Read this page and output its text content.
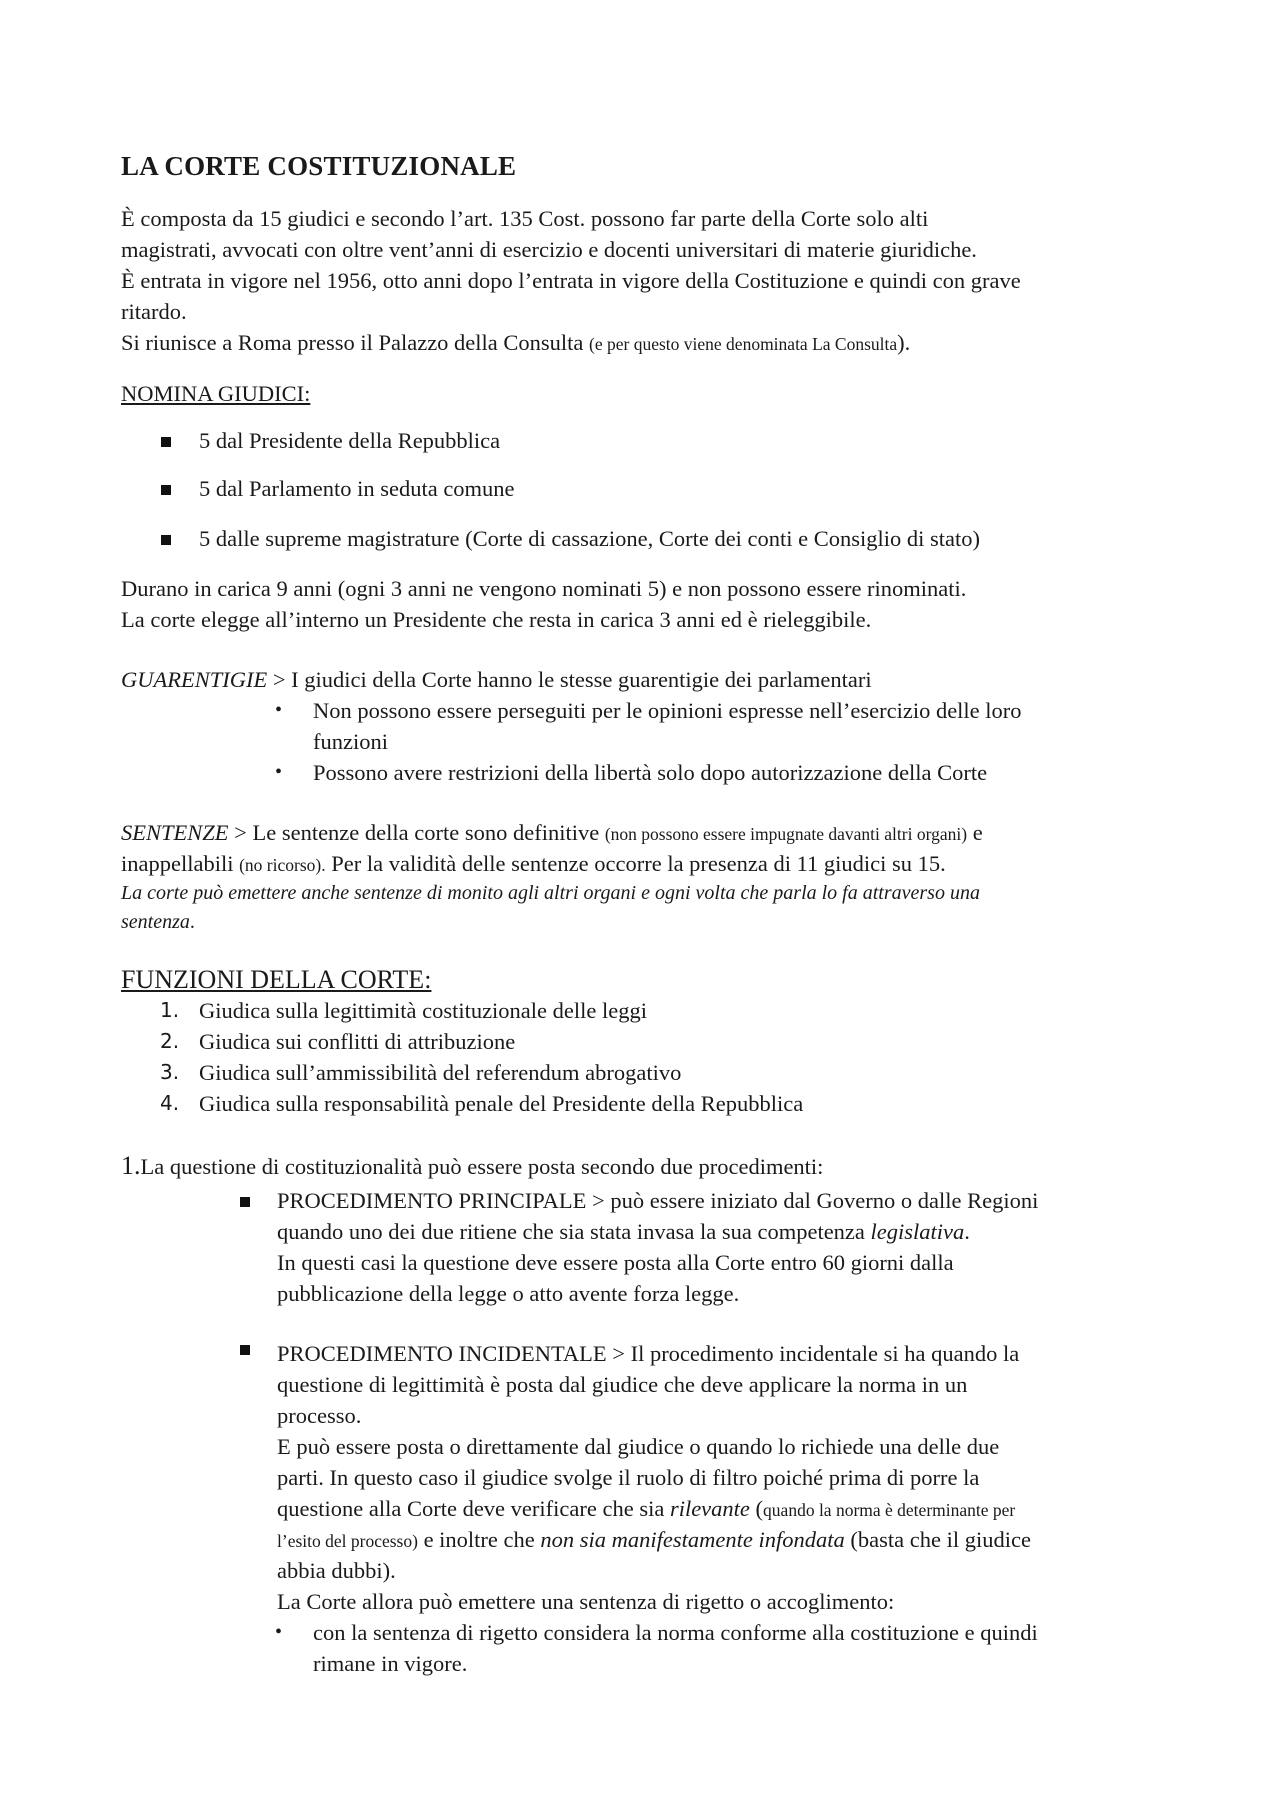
LA CORTE COSTITUZIONALE
È composta da 15 giudici e secondo l’art. 135 Cost. possono far parte della Corte solo alti
magistrati, avvocati con oltre vent’anni di esercizio e docenti universitari di materie giuridiche.
È entrata in vigore nel 1956, otto anni dopo l’entrata in vigore della Costituzione e quindi con grave
ritardo.
Si riunisce a Roma presso il Palazzo della Consulta (e per questo viene denominata La Consulta).
NOMINA GIUDICI:
5 dal Presidente della Repubblica
5 dal Parlamento in seduta comune
5 dalle supreme magistrature (Corte di cassazione, Corte dei conti e Consiglio di stato)
Durano in carica 9 anni (ogni 3 anni ne vengono nominati 5) e non possono essere rinominati.
La corte elegge all’interno un Presidente che resta in carica 3 anni ed è rieleggibile.
GUARENTIGIE > I giudici della Corte hanno le stesse guarentigie dei parlamentari
• Non possono essere perseguiti per le opinioni espresse nell’esercizio delle loro
funzioni
• Possono avere restrizioni della libertà solo dopo autorizzazione della Corte
SENTENZE > Le sentenze della corte sono definitive (non possono essere impugnate davanti altri organi) e
inappellabili (no ricorso). Per la validità delle sentenze occorre la presenza di 11 giudici su 15.
La corte può emettere anche sentenze di monito agli altri organi e ogni volta che parla lo fa attraverso una
sentenza.
FUNZIONI DELLA CORTE:
1. Giudica sulla legittimità costituzionale delle leggi
2. Giudica sui conflitti di attribuzione
3. Giudica sull’ammissibilità del referendum abrogativo
4. Giudica sulla responsabilità penale del Presidente della Repubblica
1.La questione di costituzionalità può essere posta secondo due procedimenti:
PROCEDIMENTO PRINCIPALE > può essere iniziato dal Governo o dalle Regioni
quando uno dei due ritiene che sia stata invasa la sua competenza legislativa.
In questi casi la questione deve essere posta alla Corte entro 60 giorni dalla
pubblicazione della legge o atto avente forza legge.
PROCEDIMENTO INCIDENTALE > Il procedimento incidentale si ha quando la
questione di legittimità è posta dal giudice che deve applicare la norma in un
processo.
E può essere posta o direttamente dal giudice o quando lo richiede una delle due
parti. In questo caso il giudice svolge il ruolo di filtro poiché prima di porre la
questione alla Corte deve verificare che sia rilevante (quando la norma è determinante per
l’esito del processo) e inoltre che non sia manifestamente infondata (basta che il giudice
abbia dubbi).
La Corte allora può emettere una sentenza di rigetto o accoglimento:
• con la sentenza di rigetto considera la norma conforme alla costituzione e quindi
rimane in vigore.
